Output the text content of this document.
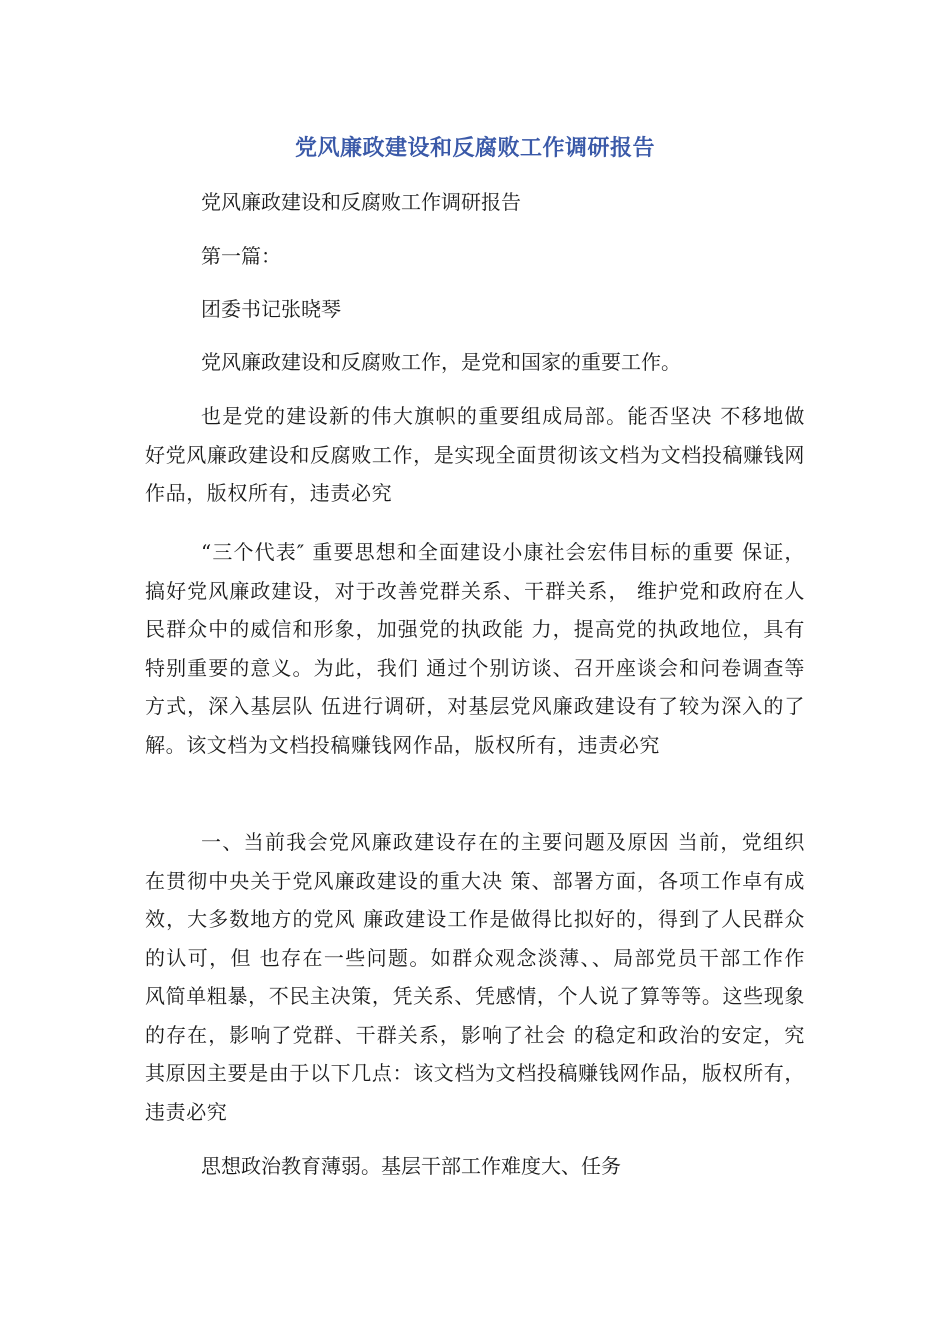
党风廉政建设和反腐败工作调研报告
党风廉政建设和反腐败工作调研报告
第一篇：
团委书记张晓琴
党风廉政建设和反腐败工作，是党和国家的重要工作。
也是党的建设新的伟大旗帜的重要组成局部。能否坚决 不移地做好党风廉政建设和反腐败工作，是实现全面贯彻该文档为文档投稿赚钱网作品，版权所有，违责必究
“三个代表″ 重要思想和全面建设小康社会宏伟目标的重要 保证，搞好党风廉政建设，对于改善党群关系、干群关系， 维护党和政府在人民群众中的威信和形象，加强党的执政能 力，提高党的执政地位，具有特别重要的意义。为此，我们 通过个别访谈、召开座谈会和问卷调查等方式，深入基层队 伍进行调研，对基层党风廉政建设有了较为深入的了解。该文档为文档投稿赚钱网作品，版权所有，违责必究
一、当前我会党风廉政建设存在的主要问题及原因 当前，党组织在贯彻中央关于党风廉政建设的重大决 策、部署方面，各项工作卓有成效，大多数地方的党风 廉政建设工作是做得比拟好的，得到了人民群众的认可，但 也存在一些问题。如群众观念淡薄、、局部党员干部工作作 风简单粗暴，不民主决策，凭关系、凭感情，个人说了算等等。这些现象的存在，影响了党群、干群关系，影响了社会 的稳定和政治的安定，究其原因主要是由于以下几点：该文档为文档投稿赚钱网作品，版权所有，违责必究
思想政治教育薄弱。基层干部工作难度大、任务
